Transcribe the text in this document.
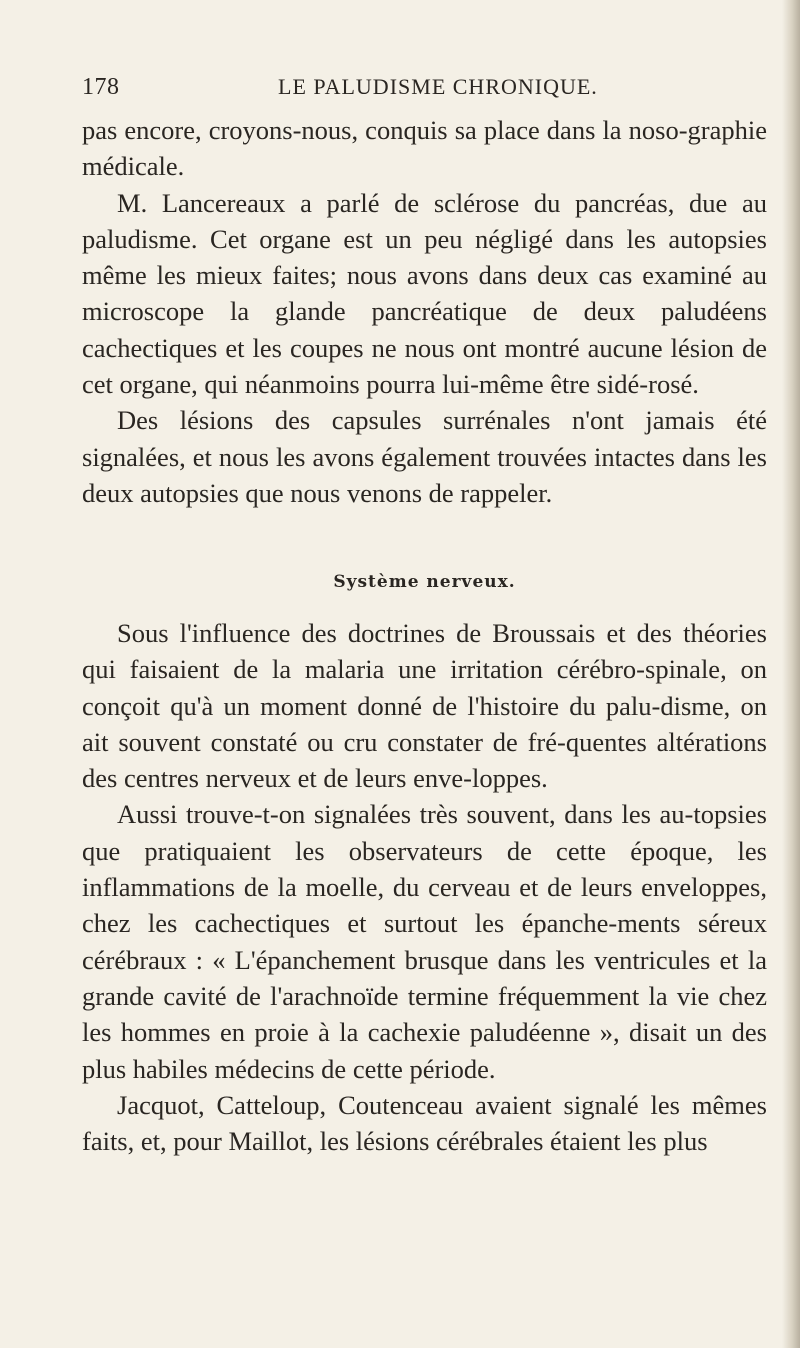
178	LE PALUDISME CHRONIQUE.

pas encore, croyons-nous, conquis sa place dans la noso-graphie médicale.

M. Lancereaux a parlé de sclérose du pancréas, due au paludisme. Cet organe est un peu négligé dans les autopsies même les mieux faites; nous avons dans deux cas examiné au microscope la glande pancréatique de deux paludéens cachectiques et les coupes ne nous ont montré aucune lésion de cet organe, qui néanmoins pourra lui-même être sidé-rosé.

Des lésions des capsules surrénales n'ont jamais été signalées, et nous les avons également trouvées intactes dans les deux autopsies que nous venons de rappeler.

Système nerveux.

Sous l'influence des doctrines de Broussais et des théories qui faisaient de la malaria une irritation cérébro-spinale, on conçoit qu'à un moment donné de l'histoire du palu-disme, on ait souvent constaté ou cru constater de fré-quentes altérations des centres nerveux et de leurs enve-loppes.

Aussi trouve-t-on signalées très souvent, dans les au-topsies que pratiquaient les observateurs de cette époque, les inflammations de la moelle, du cerveau et de leurs enveloppes, chez les cachectiques et surtout les épanche-ments séreux cérébraux : « L'épanchement brusque dans les ventricules et la grande cavité de l'arachnoïde termine fréquemment la vie chez les hommes en proie à la cachexie paludéenne », disait un des plus habiles médecins de cette période.

Jacquot, Catteloup, Coutenceau avaient signalé les mêmes faits, et, pour Maillot, les lésions cérébrales étaient les plus
